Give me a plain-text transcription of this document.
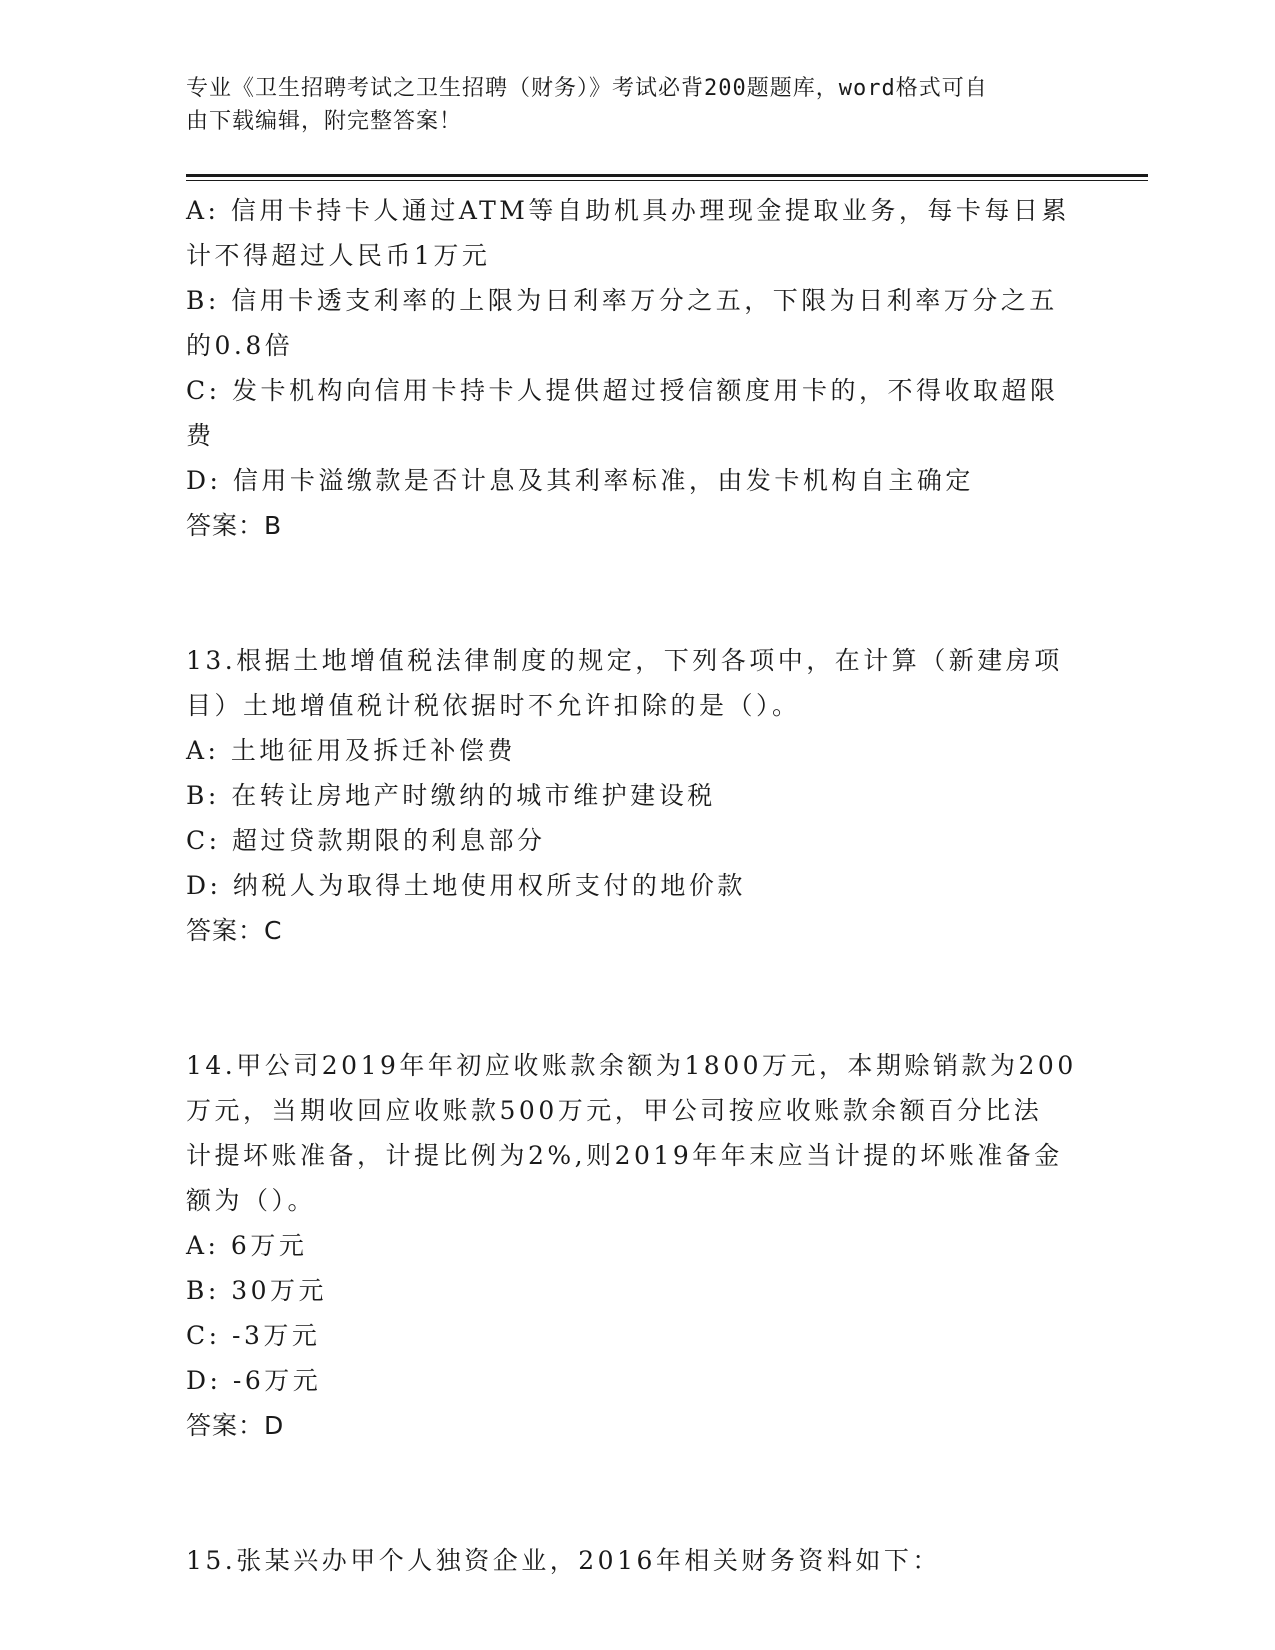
专业《卫生招聘考试之卫生招聘（财务）》考试必背200题题库，word格式可自
由下载编辑，附完整答案！
A: 信用卡持卡人通过ATM等自助机具办理现金提取业务，每卡每日累
计不得超过人民币1万元
B: 信用卡透支利率的上限为日利率万分之五，下限为日利率万分之五
的0.8倍
C: 发卡机构向信用卡持卡人提供超过授信额度用卡的，不得收取超限
费
D: 信用卡溢缴款是否计息及其利率标准，由发卡机构自主确定
答案：B
13.根据土地增值税法律制度的规定，下列各项中，在计算（新建房项
目）土地增值税计税依据时不允许扣除的是（）。
A: 土地征用及拆迁补偿费
B: 在转让房地产时缴纳的城市维护建设税
C: 超过贷款期限的利息部分
D: 纳税人为取得土地使用权所支付的地价款
答案：C
14.甲公司2019年年初应收账款余额为1800万元，本期赊销款为200
万元，当期收回应收账款500万元，甲公司按应收账款余额百分比法
计提坏账准备，计提比例为2%,则2019年年末应当计提的坏账准备金
额为（）。
A: 6万元
B: 30万元
C: -3万元
D: -6万元
答案：D
15.张某兴办甲个人独资企业，2016年相关财务资料如下：
